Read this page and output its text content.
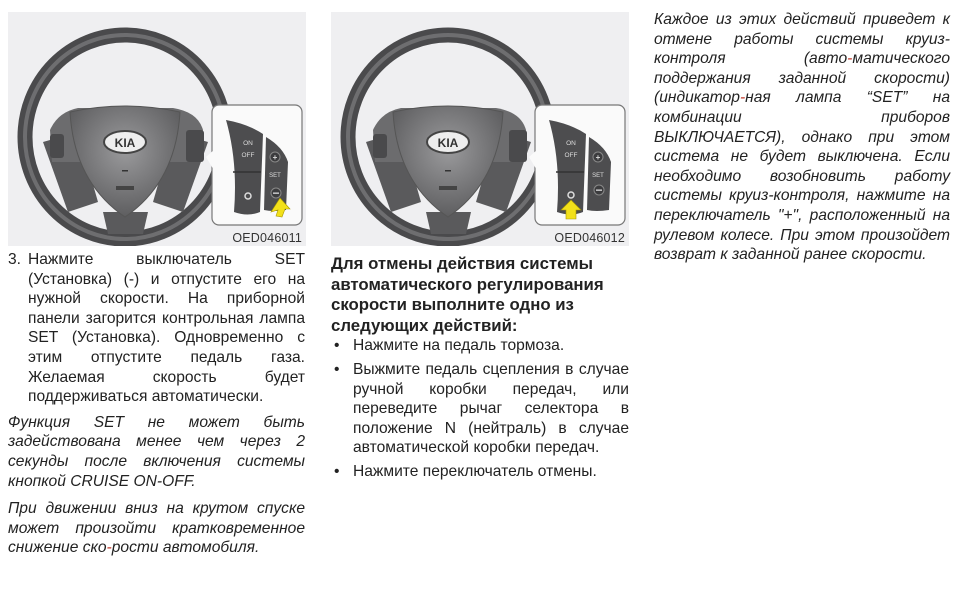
KIA	ON
OFF +
SET
OED046011
KIA	ON
OFF +
SET
OED046012
3. Нажмите выключатель SET (Установка) (-) и отпустите его на нужной скорости. На приборной панели загорится контрольная лампа SET (Установка). Одновременно с этим отпустите педаль газа. Желаемая скорость будет поддерживаться автоматически.

Функция SET не может быть задействована менее чем через 2 секунды после включения системы кнопкой CRUISE ON-OFF.

При движении вниз на крутом спуске может произойти кратковременное снижение ско-рости автомобиля.

Для отмены действия системы автоматического регулирования скорости выполните одно из следующих действий:

• Нажмите на педаль тормоза.
• Выжмите педаль сцепления в случае ручной коробки передач, или переведите рычаг селектора в положение N (нейтраль) в случае автоматической коробки передач.
• Нажмите переключатель отмены.

Каждое из этих действий приведет к отмене работы системы круиз-контроля (авто-матического поддержания заданной скорости) (индикатор-ная лампа “SET” на комбинации приборов ВЫКЛЮЧАЕТСЯ), однако при этом система не будет выключена. Если необходимо возобновить работу системы круиз-контроля, нажмите на переключатель "+", расположенный на рулевом колесе. При этом произойдет возврат к заданной ранее скорости.
